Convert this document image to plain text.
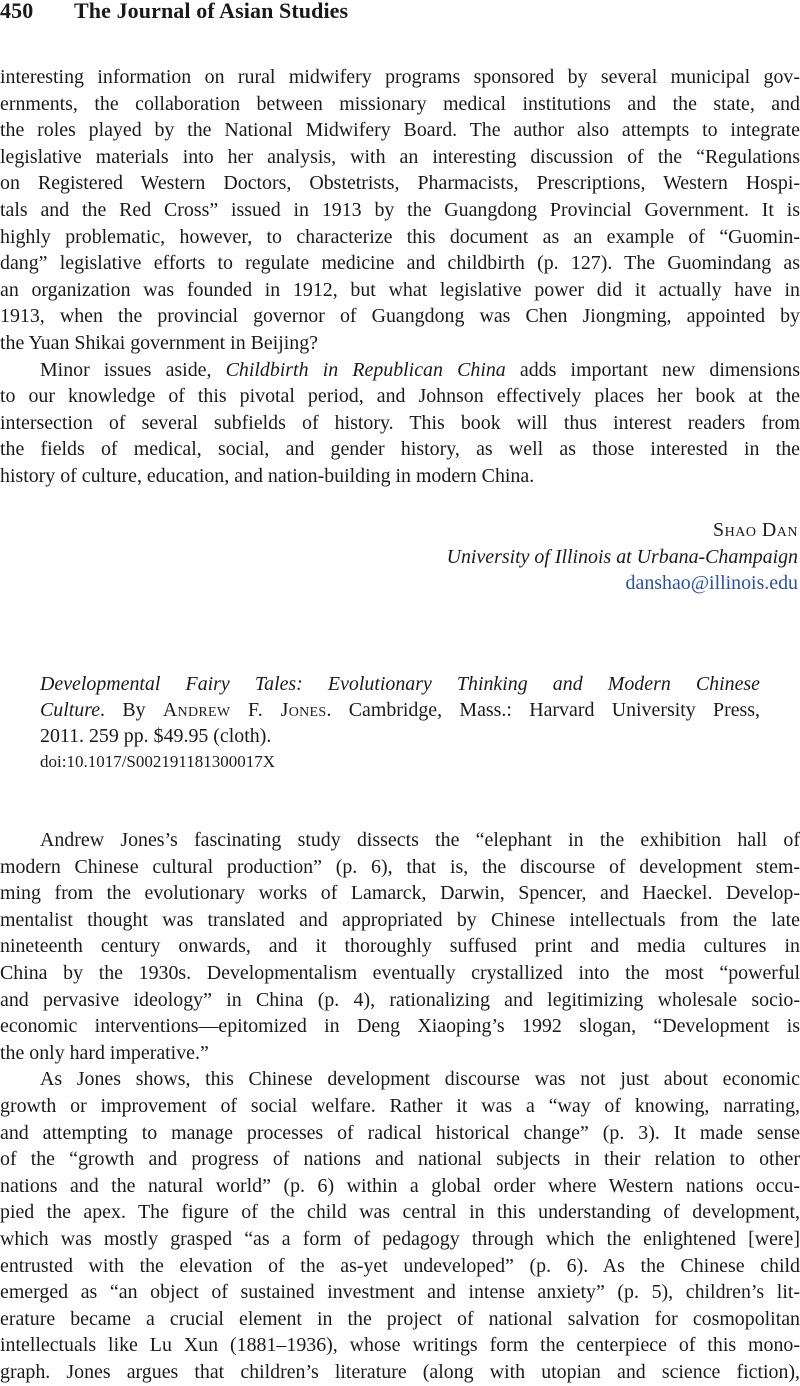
450 The Journal of Asian Studies
interesting information on rural midwifery programs sponsored by several municipal gov-
ernments, the collaboration between missionary medical institutions and the state, and
the roles played by the National Midwifery Board. The author also attempts to integrate
legislative materials into her analysis, with an interesting discussion of the “Regulations
on Registered Western Doctors, Obstetrists, Pharmacists, Prescriptions, Western Hospi-
tals and the Red Cross” issued in 1913 by the Guangdong Provincial Government. It is
highly problematic, however, to characterize this document as an example of “Guomin-
dang” legislative efforts to regulate medicine and childbirth (p. 127). The Guomindang as
an organization was founded in 1912, but what legislative power did it actually have in
1913, when the provincial governor of Guangdong was Chen Jiongming, appointed by
the Yuan Shikai government in Beijing?
Minor issues aside, Childbirth in Republican China adds important new dimensions
to our knowledge of this pivotal period, and Johnson effectively places her book at the
intersection of several subfields of history. This book will thus interest readers from
the fields of medical, social, and gender history, as well as those interested in the
history of culture, education, and nation-building in modern China.
Shao Dan
University of Illinois at Urbana-Champaign
danshao@illinois.edu
Developmental Fairy Tales: Evolutionary Thinking and Modern Chinese
Culture. By Andrew F. Jones. Cambridge, Mass.: Harvard University Press,
2011. 259 pp. $49.95 (cloth).
doi:10.1017/S002191181300017X
Andrew Jones’s fascinating study dissects the “elephant in the exhibition hall of
modern Chinese cultural production” (p. 6), that is, the discourse of development stem-
ming from the evolutionary works of Lamarck, Darwin, Spencer, and Haeckel. Develop-
mentalist thought was translated and appropriated by Chinese intellectuals from the late
nineteenth century onwards, and it thoroughly suffused print and media cultures in
China by the 1930s. Developmentalism eventually crystallized into the most “powerful
and pervasive ideology” in China (p. 4), rationalizing and legitimizing wholesale socio-
economic interventions—epitomized in Deng Xiaoping’s 1992 slogan, “Development is
the only hard imperative.”
As Jones shows, this Chinese development discourse was not just about economic
growth or improvement of social welfare. Rather it was a “way of knowing, narrating,
and attempting to manage processes of radical historical change” (p. 3). It made sense
of the “growth and progress of nations and national subjects in their relation to other
nations and the natural world” (p. 6) within a global order where Western nations occu-
pied the apex. The figure of the child was central in this understanding of development,
which was mostly grasped “as a form of pedagogy through which the enlightened [were]
entrusted with the elevation of the as-yet undeveloped” (p. 6). As the Chinese child
emerged as “an object of sustained investment and intense anxiety” (p. 5), children’s lit-
erature became a crucial element in the project of national salvation for cosmopolitan
intellectuals like Lu Xun (1881–1936), whose writings form the centerpiece of this mono-
graph. Jones argues that children’s literature (along with utopian and science fiction),
